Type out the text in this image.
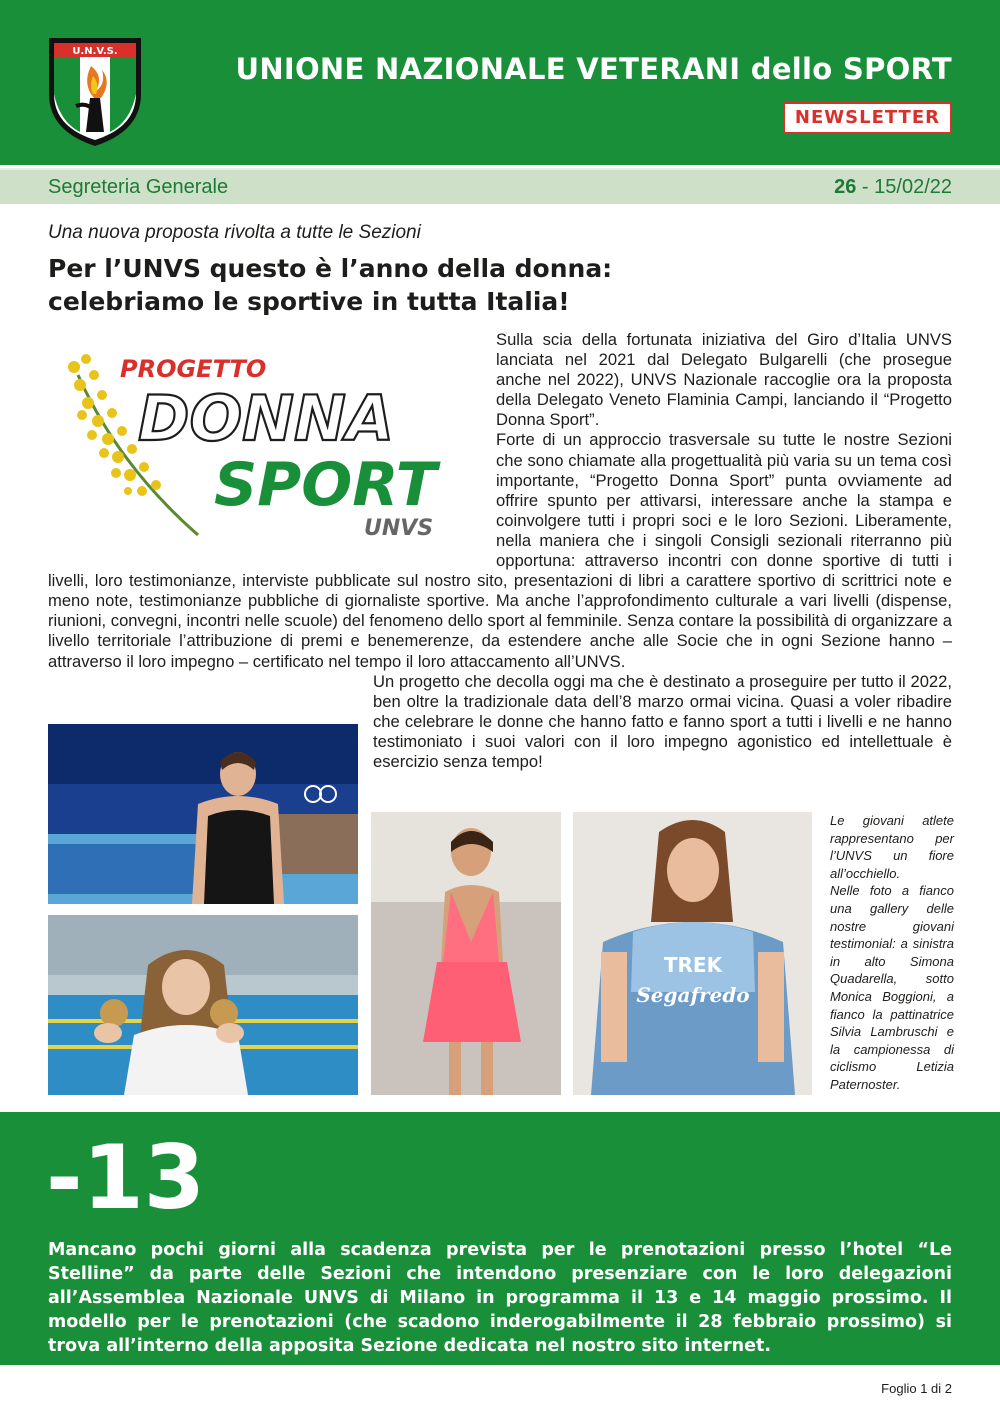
U.N.V.S.
UNIONE NAZIONALE VETERANI dello SPORT
NEWSLETTER
Segreteria Generale	26 - 15/02/22
Una nuova proposta rivolta a tutte le Sezioni
Per l’UNVS questo è l’anno della donna:
celebriamo le sportive in tutta Italia!
PROGETTO
DONNA
SPORT
UNVS

Sulla scia della fortunata iniziativa del Giro d’Italia UNVS lanciata nel 2021 dal Delegato Bulgarelli (che prosegue anche nel 2022), UNVS Nazionale raccoglie ora la proposta della Delegato Veneto Flaminia Campi, lanciando il “Progetto Donna Sport”.

Forte di un approccio trasversale su tutte le nostre Sezioni che sono chiamate alla progettualità più varia su un tema così importante, “Progetto Donna Sport” punta ovviamente ad offrire spunto per attivarsi, interessare anche la stampa e coinvolgere tutti i propri soci e le loro Sezioni. Liberamente, nella maniera che i singoli Consigli sezionali riterranno più opportuna: attraverso incontri con donne sportive di tutti i livelli, loro testimonianze, interviste pubblicate sul nostro sito, presentazioni di libri a carattere sportivo di scrittrici note e meno note, testimonianze pubbliche di giornaliste sportive. Ma anche l’approfondimento culturale a vari livelli (dispense, riunioni, convegni, incontri nelle scuole) del fenomeno dello sport al femminile. Senza contare la possibilità di organizzare a livello territoriale l’attribuzione di premi e benemerenze, da estendere anche alle Socie che in ogni Sezione hanno – attraverso il loro impegno – certificato nel tempo il loro attaccamento all’UNVS.

Un progetto che decolla oggi ma che è destinato a proseguire per tutto il 2022, ben oltre la tradizionale data dell’8 marzo ormai vicina. Quasi a voler ribadire che celebrare le donne che hanno fatto e fanno sport a tutti i livelli e ne hanno testimoniato i suoi valori con il loro impegno agonistico ed intellettuale è esercizio senza tempo!

TREK
Segafredo

Le giovani atlete rappresentano per l’UNVS un fiore all’occhiello.

Nelle foto a fianco una gallery delle nostre giovani testimonial: a sinistra in alto Simona Quadarella, sotto Monica Boggioni, a fianco la pattinatrice Silvia Lambruschi e la campionessa di ciclismo Letizia Paternoster.

-13

Mancano pochi giorni alla scadenza prevista per le prenotazioni presso l’hotel “Le Stelline” da parte delle Sezioni che intendono presenziare con le loro delegazioni all’Assemblea Nazionale UNVS di Milano in programma il 13 e 14 maggio prossimo. Il modello per le prenotazioni (che scadono inderogabilmente il 28 febbraio prossimo) si trova all’interno della apposita Sezione dedicata nel nostro sito internet.

Foglio 1 di 2
